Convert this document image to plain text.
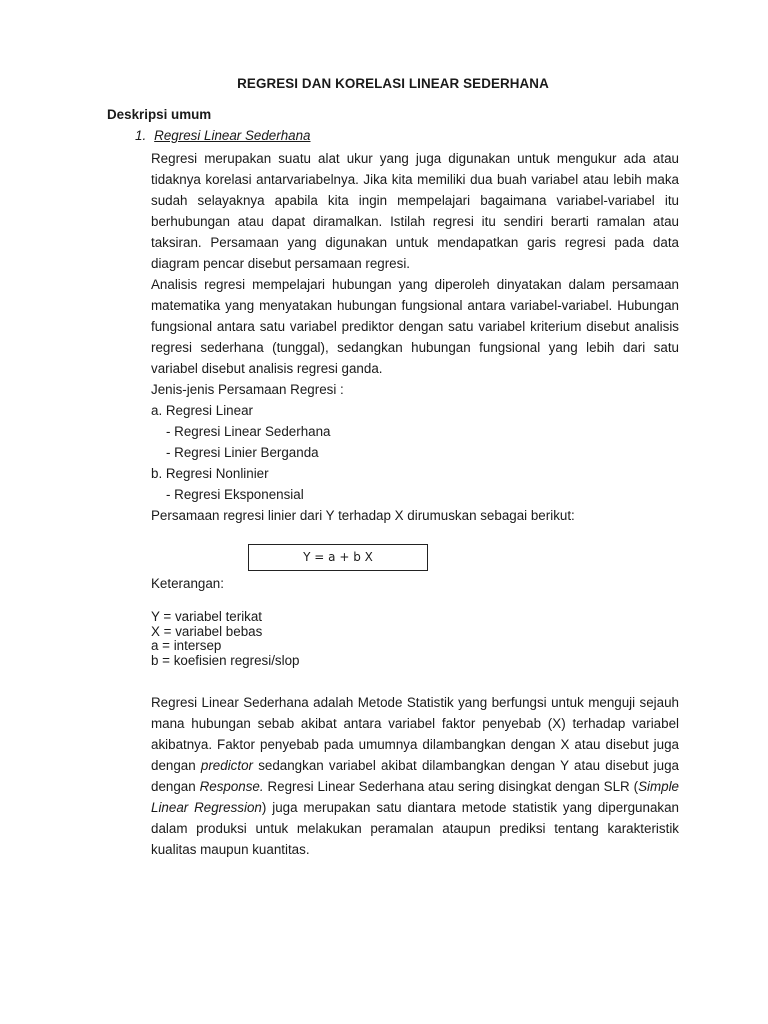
REGRESI DAN KORELASI LINEAR SEDERHANA
Deskripsi umum
1. Regresi Linear Sederhana

Regresi merupakan suatu alat ukur yang juga digunakan untuk mengukur ada atau tidaknya korelasi antarvariabelnya. Jika kita memiliki dua buah variabel atau lebih maka sudah selayaknya apabila kita ingin mempelajari bagaimana variabel-variabel itu berhubungan atau dapat diramalkan. Istilah regresi itu sendiri berarti ramalan atau taksiran. Persamaan yang digunakan untuk mendapatkan garis regresi pada data diagram pencar disebut persamaan regresi.

Analisis regresi mempelajari hubungan yang diperoleh dinyatakan dalam persamaan matematika yang menyatakan hubungan fungsional antara variabel-variabel. Hubungan fungsional antara satu variabel prediktor dengan satu variabel kriterium disebut analisis regresi sederhana (tunggal), sedangkan hubungan fungsional yang lebih dari satu variabel disebut analisis regresi ganda.

Jenis-jenis Persamaan Regresi :

a. Regresi Linear

- Regresi Linear Sederhana

- Regresi Linier Berganda

b. Regresi Nonlinier

- Regresi Eksponensial

Persamaan regresi linier dari Y terhadap X dirumuskan sebagai berikut:

Y = a + b X
Keterangan:
Y = variabel terikat
X = variabel bebas
a = intersep
b = koefisien regresi/slop

Regresi Linear Sederhana adalah Metode Statistik yang berfungsi untuk menguji sejauh mana hubungan sebab akibat antara variabel faktor penyebab (X) terhadap variabel akibatnya. Faktor penyebab pada umumnya dilambangkan dengan X atau disebut juga dengan predictor sedangkan variabel akibat dilambangkan dengan Y atau disebut juga dengan Response. Regresi Linear Sederhana atau sering disingkat dengan SLR (Simple Linear Regression) juga merupakan satu diantara metode statistik yang dipergunakan dalam produksi untuk melakukan peramalan ataupun prediksi tentang karakteristik kualitas maupun kuantitas.
